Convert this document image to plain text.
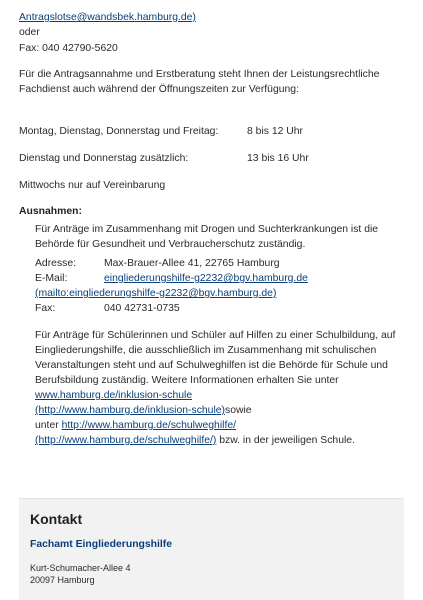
Antragslotse@wandsbek.hamburg.de)
oder
Fax: 040 42790-5620
Für die Antragsannahme und Erstberatung steht Ihnen der Leistungsrechtliche Fachdienst auch während der Öffnungszeiten zur Verfügung:
Montag, Dienstag, Donnerstag und Freitag:	8 bis 12 Uhr
Dienstag und Donnerstag zusätzlich:	13 bis 16 Uhr
Mittwochs nur auf Vereinbarung
Ausnahmen:
Für Anträge im Zusammenhang mit Drogen und Suchterkrankungen ist die Behörde für Gesundheit und Verbraucherschutz zuständig.
Adresse:	Max-Brauer-Allee 41, 22765 Hamburg
E-Mail:	eingliederungshilfe-g2232@bgv.hamburg.de
(mailto:eingliederungshilfe-g2232@bgv.hamburg.de)
Fax:	040 42731-0735
Für Anträge für Schülerinnen und Schüler auf Hilfen zu einer Schulbildung, auf Eingliederungshilfe, die ausschließlich im Zusammenhang mit schulischen Veranstaltungen steht und auf Schulweghilfen ist die Behörde für Schule und Berufsbildung zuständig. Weitere Informationen erhalten Sie unter www.hamburg.de/inklusion-schule
(http://www.hamburg.de/inklusion-schule)sowie
unter http://www.hamburg.de/schulweghilfe/
(http://www.hamburg.de/schulweghilfe/) bzw. in der jeweiligen Schule.
Kontakt
Fachamt Eingliederungshilfe
Kurt-Schumacher-Allee 4
20097 Hamburg
